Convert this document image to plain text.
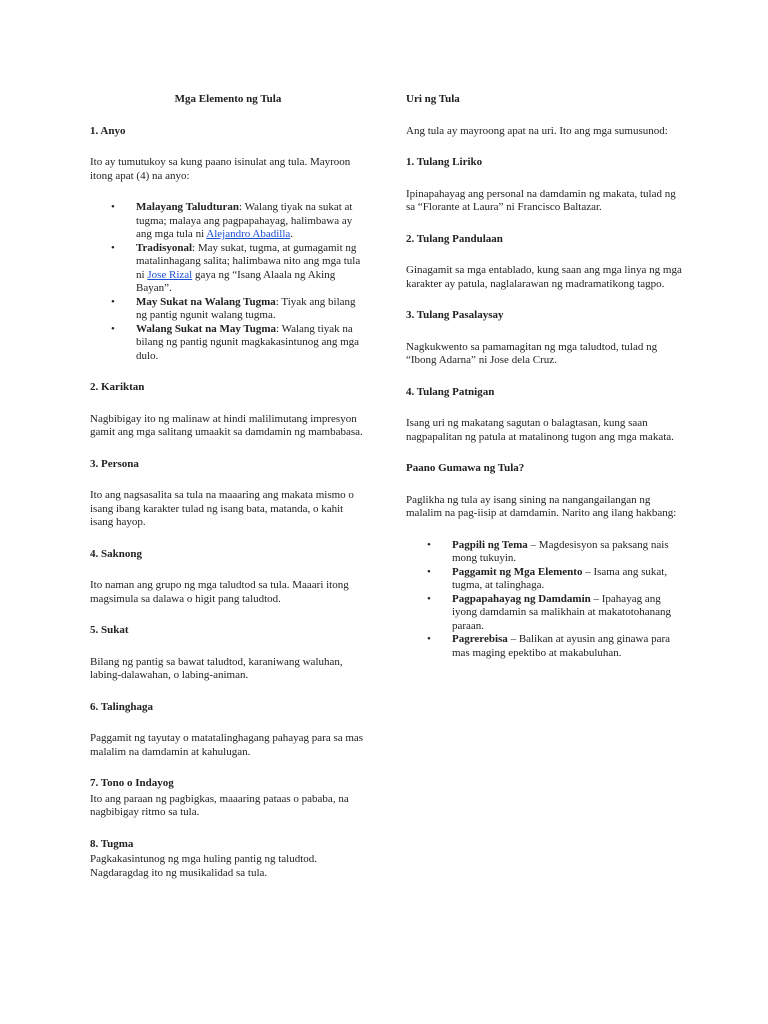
Mga Elemento ng Tula
1. Anyo

Ito ay tumutukoy sa kung paano isinulat ang tula. Mayroon itong apat (4) na anyo:

• Malayang Taludturan: Walang tiyak na sukat at tugma; malaya ang pagpapahayag, halimbawa ay ang mga tula ni Alejandro Abadilla.
• Tradisyonal: May sukat, tugma, at gumagamit ng matalinhagang salita; halimbawa nito ang mga tula ni Jose Rizal gaya ng “Isang Alaala ng Aking Bayan”.
• May Sukat na Walang Tugma: Tiyak ang bilang ng pantig ngunit walang tugma.
• Walang Sukat na May Tugma: Walang tiyak na bilang ng pantig ngunit magkakasintunog ang mga dulo.
2. Kariktan

Nagbibigay ito ng malinaw at hindi malilimutang impresyon gamit ang mga salitang umaakit sa damdamin ng mambabasa.

3. Persona

Ito ang nagsasalita sa tula na maaaring ang makata mismo o isang ibang karakter tulad ng isang bata, matanda, o kahit isang hayop.

4. Saknong

Ito naman ang grupo ng mga taludtod sa tula. Maaari itong magsimula sa dalawa o higit pang taludtod.

5. Sukat

Bilang ng pantig sa bawat taludtod, karaniwang waluhan, labing-dalawahan, o labing-animan.

6. Talinghaga

Paggamit ng tayutay o matatalinghagang pahayag para sa mas malalim na damdamin at kahulugan.

7. Tono o Indayog

Ito ang paraan ng pagbigkas, maaaring pataas o pababa, na nagbibigay ritmo sa tula.

8. Tugma

Pagkakasintunog ng mga huling pantig ng taludtod. Nagdaragdag ito ng musikalidad sa tula.

Uri ng Tula

Ang tula ay mayroong apat na uri. Ito ang mga sumusunod:

1. Tulang Liriko

Ipinapahayag ang personal na damdamin ng makata, tulad ng sa “Florante at Laura” ni Francisco Baltazar.

2. Tulang Pandulaan

Ginagamit sa mga entablado, kung saan ang mga linya ng mga karakter ay patula, naglalarawan ng madramatikong tagpo.

3. Tulang Pasalaysay

Nagkukwento sa pamamagitan ng mga taludtod, tulad ng “Ibong Adarna” ni Jose dela Cruz.

4. Tulang Patnigan

Isang uri ng makatang sagutan o balagtasan, kung saan nagpapalitan ng patula at matalinong tugon ang mga makata.

Paano Gumawa ng Tula?

Paglikha ng tula ay isang sining na nangangailangan ng malalim na pag-iisip at damdamin. Narito ang ilang hakbang:

• Pagpili ng Tema – Magdesisyon sa paksang nais mong tukuyin.
• Paggamit ng Mga Elemento – Isama ang sukat, tugma, at talinghaga.
• Pagpapahayag ng Damdamin – Ipahayag ang iyong damdamin sa malikhain at makatotohanang paraan.
• Pagrerebisa – Balikan at ayusin ang ginawa para mas maging epektibo at makabuluhan.
